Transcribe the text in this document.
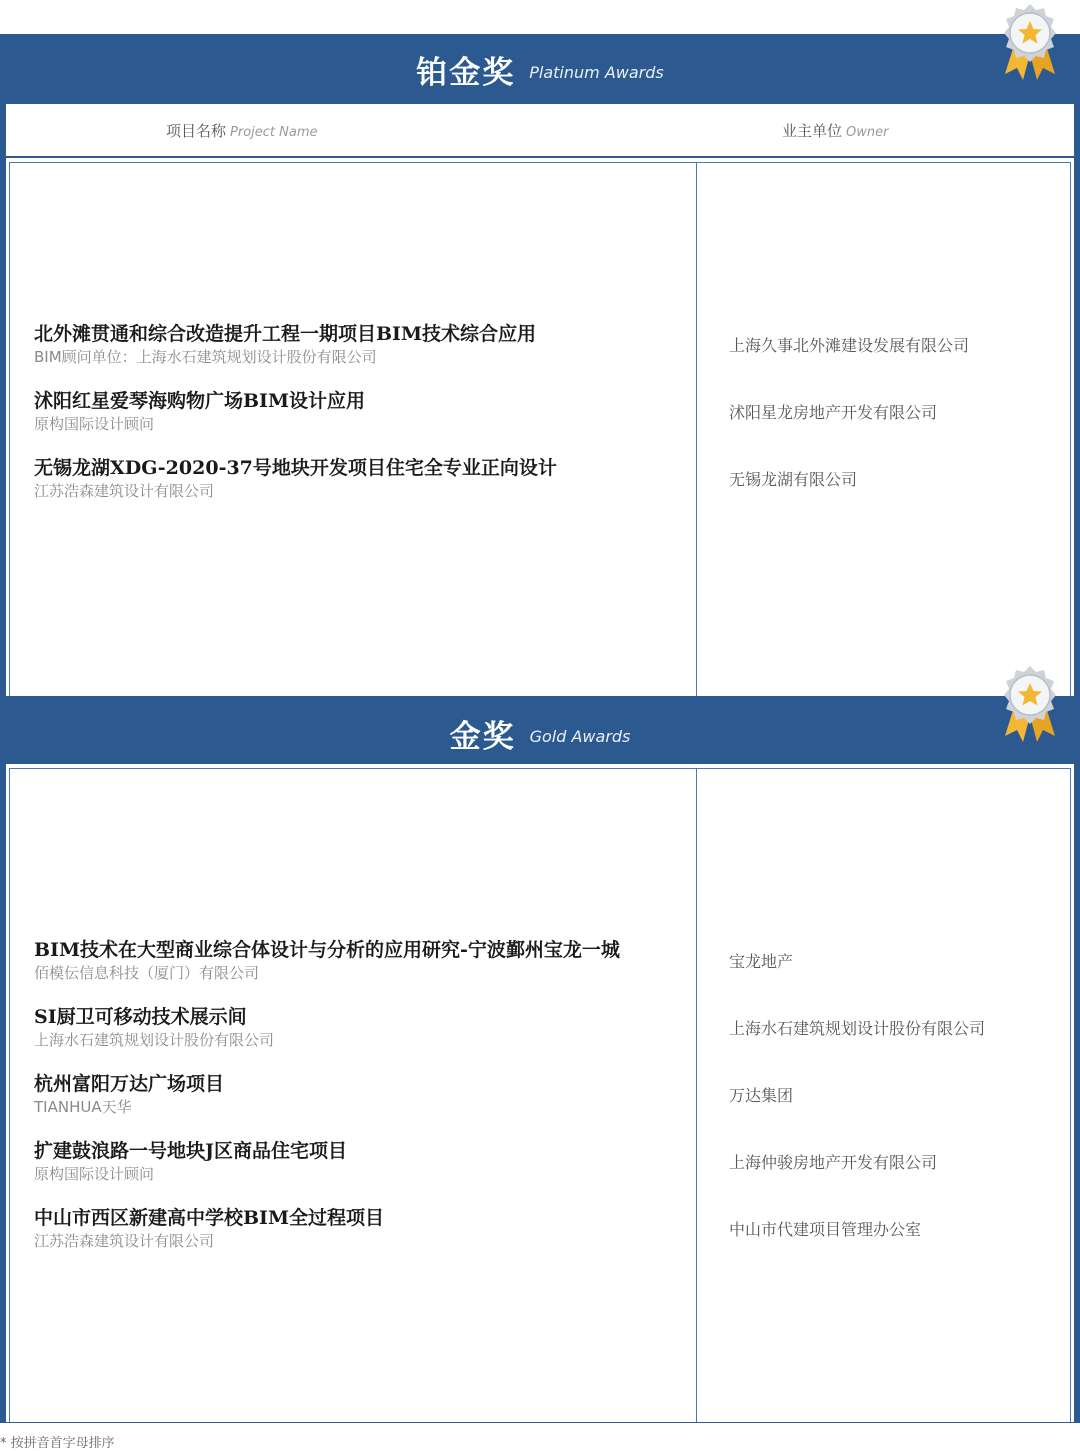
铂金奖 Platinum Awards
项目名称 Project Name	业主单位 Owner
北外滩贯通和综合改造提升工程一期项目BIM技术综合应用
BIM顾问单位：上海水石建筑规划设计股份有限公司
上海久事北外滩建设发展有限公司
沭阳红星爱琴海购物广场BIM设计应用
原构国际设计顾问
沭阳星龙房地产开发有限公司
无锡龙湖XDG-2020-37号地块开发项目住宅全专业正向设计
江苏浩森建筑设计有限公司
无锡龙湖有限公司
金奖 Gold Awards
BIM技术在大型商业综合体设计与分析的应用研究-宁波鄞州宝龙一城
佰模伝信息科技（厦门）有限公司
宝龙地产
SI厨卫可移动技术展示间
上海水石建筑规划设计股份有限公司
上海水石建筑规划设计股份有限公司
杭州富阳万达广场项目
TIANHUA天华
万达集团
扩建鼓浪路一号地块J区商品住宅项目
原构国际设计顾问
上海仲骏房地产开发有限公司
中山市西区新建高中学校BIM全过程项目
江苏浩森建筑设计有限公司
中山市代建项目管理办公室
* 按拼音首字母排序
